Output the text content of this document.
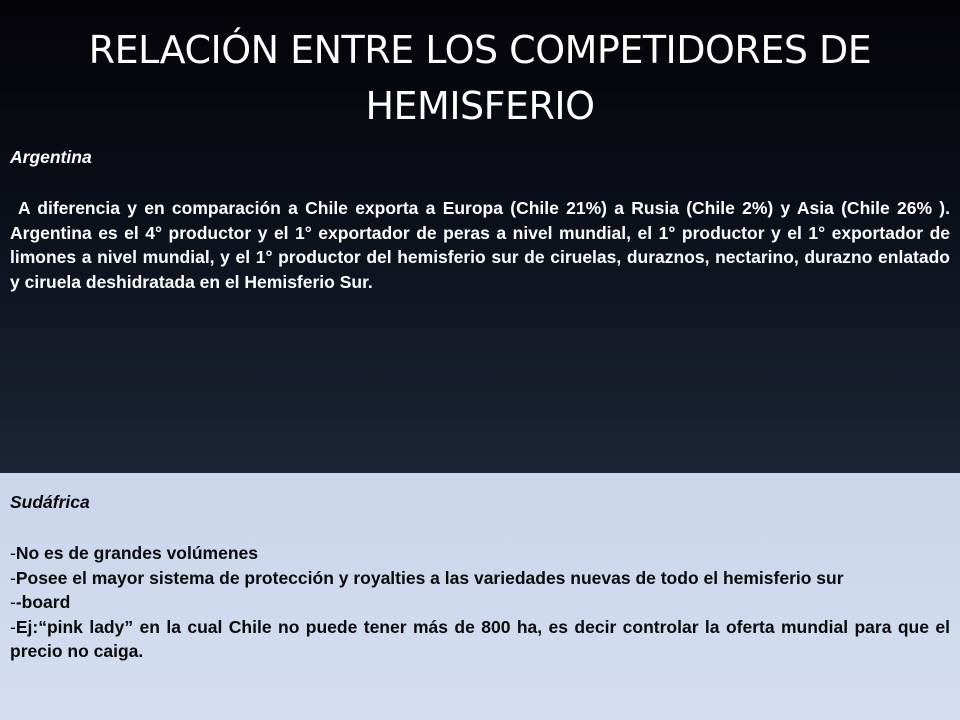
RELACIÓN ENTRE LOS COMPETIDORES DE HEMISFERIO

Argentina

A diferencia y en comparación a Chile exporta a Europa (Chile 21%) a Rusia (Chile 2%) y Asia (Chile 26% ). Argentina es el 4° productor y el 1° exportador de peras a nivel mundial, el 1° productor y el 1° exportador de limones a nivel mundial, y el 1° productor del hemisferio sur de ciruelas, duraznos, nectarino, durazno enlatado y ciruela deshidratada en el Hemisferio Sur.

Sudáfrica

-No es de grandes volúmenes
-Posee el mayor sistema de protección y royalties a las variedades nuevas de todo el hemisferio sur
--board
-Ej:“pink lady” en la cual Chile no puede tener más de 800 ha, es decir controlar la oferta mundial para que el precio no caiga.
